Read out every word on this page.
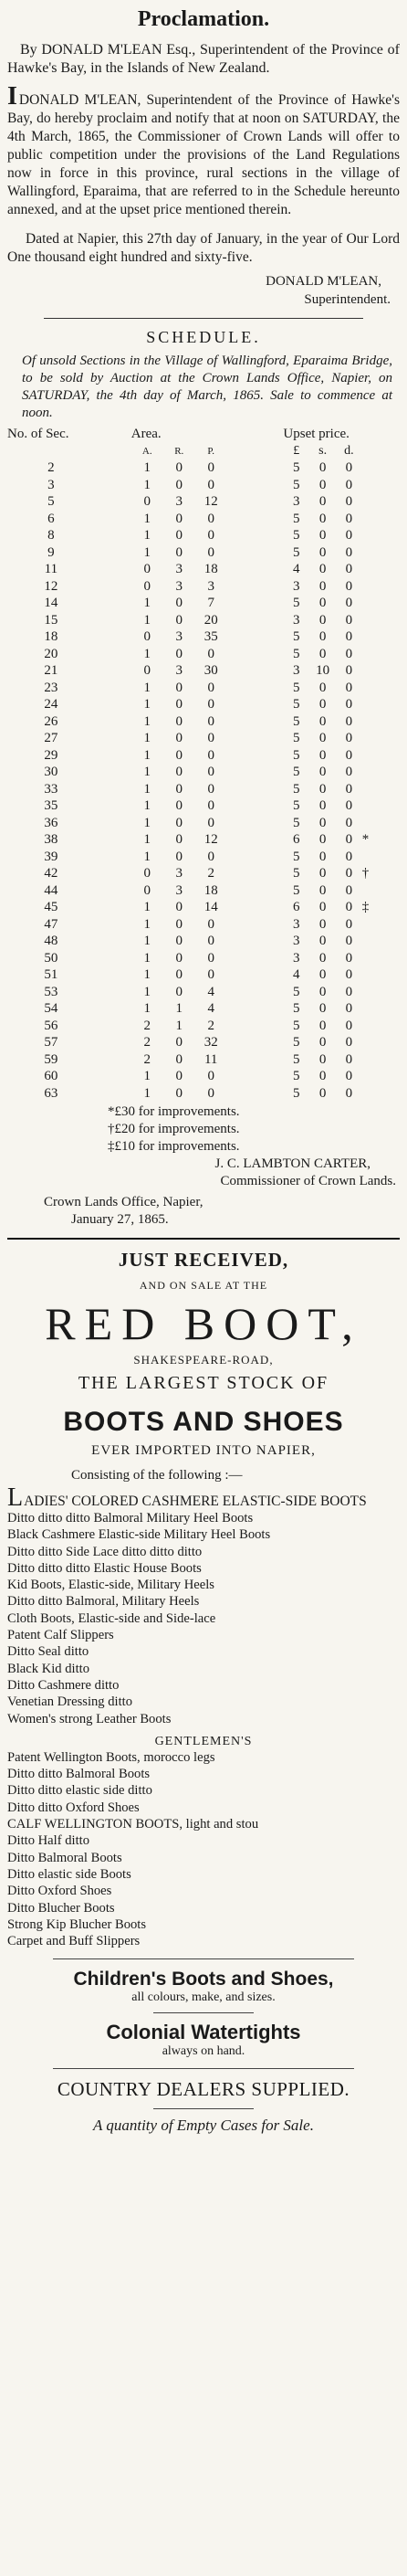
Proclamation.

By DONALD M'LEAN Esq., Superintendent of the Province of Hawke's Bay, in the Islands of New Zealand.

IDONALD M'LEAN, Superintendent of the Province of Hawke's Bay, do hereby proclaim and notify that at noon on SATURDAY, the 4th March, 1865, the Commissioner of Crown Lands will offer to public competition under the provisions of the Land Regulations now in force in this province, rural sections in the village of Wallingford, Eparaima, that are referred to in the Schedule hereunto annexed, and at the upset price mentioned therein.

Dated at Napier, this 27th day of January, in the year of Our Lord One thousand eight hundred and sixty-five.

DONALD M'LEAN,
Superintendent.
SCHEDULE.

Of unsold Sections in the Village of Wallingford, Eparaima Bridge, to be sold by Auction at the Crown Lands Office, Napier, on SATURDAY, the 4th day of March, 1865. Sale to commence at noon.

No. of Sec.	Area.				Upset price.			
	A.	R.	P.		£	s.	d.	
2	1	0	0		5	0	0	
3	1	0	0		5	0	0	
5	0	3	12		3	0	0	
6	1	0	0		5	0	0	
8	1	0	0		5	0	0	
9	1	0	0		5	0	0	
11	0	3	18		4	0	0	
12	0	3	3		3	0	0	
14	1	0	7		5	0	0	
15	1	0	20		3	0	0	
18	0	3	35		5	0	0	
20	1	0	0		5	0	0	
21	0	3	30		3	10	0	
23	1	0	0		5	0	0	
24	1	0	0		5	0	0	
26	1	0	0		5	0	0	
27	1	0	0		5	0	0	
29	1	0	0		5	0	0	
30	1	0	0		5	0	0	
33	1	0	0		5	0	0	
35	1	0	0		5	0	0	
36	1	0	0		5	0	0	
38	1	0	12		6	0	0	*
39	1	0	0		5	0	0	
42	0	3	2		5	0	0	†
44	0	3	18		5	0	0	
45	1	0	14		6	0	0	‡
47	1	0	0		3	0	0	
48	1	0	0		3	0	0	
50	1	0	0		3	0	0	
51	1	0	0		4	0	0	
53	1	0	4		5	0	0	
54	1	1	4		5	0	0	
56	2	1	2		5	0	0	
57	2	0	32		5	0	0	
59	2	0	11		5	0	0	
60	1	0	0		5	0	0	
63	1	0	0		5	0	0	
*£30 for improvements.
†£20 for improvements.
‡£10 for improvements.
J. C. LAMBTON CARTER,
Commissioner of Crown Lands.
Crown Lands Office, Napier,
January 27, 1865.
JUST RECEIVED,
AND ON SALE AT THE
RED BOOT,
SHAKESPEARE-ROAD,
THE LARGEST STOCK OF
BOOTS AND SHOES
EVER IMPORTED INTO NAPIER,
Consisting of the following :—

LADIES' COLORED CASHMERE ELASTIC-SIDE BOOTS

Ditto ditto ditto Balmoral Military Heel Boots
Black Cashmere Elastic-side Military Heel Boots
Ditto ditto Side Lace ditto ditto ditto
Ditto ditto ditto Elastic House Boots
Kid Boots, Elastic-side, Military Heels
Ditto ditto Balmoral, Military Heels
Cloth Boots, Elastic-side and Side-lace
Patent Calf Slippers
Ditto Seal ditto
Black Kid ditto
Ditto Cashmere ditto
Venetian Dressing ditto
Women's strong Leather Boots
GENTLEMEN'S
Patent Wellington Boots, morocco legs
Ditto ditto Balmoral Boots
Ditto ditto elastic side ditto
Ditto ditto Oxford Shoes
CALF WELLINGTON BOOTS, light and stou
Ditto Half ditto
Ditto Balmoral Boots
Ditto elastic side Boots
Ditto Oxford Shoes
Ditto Blucher Boots
Strong Kip Blucher Boots
Carpet and Buff Slippers
Children's Boots and Shoes,
all colours, make, and sizes.
Colonial Watertights
always on hand.
COUNTRY DEALERS SUPPLIED.
A quantity of Empty Cases for Sale.
